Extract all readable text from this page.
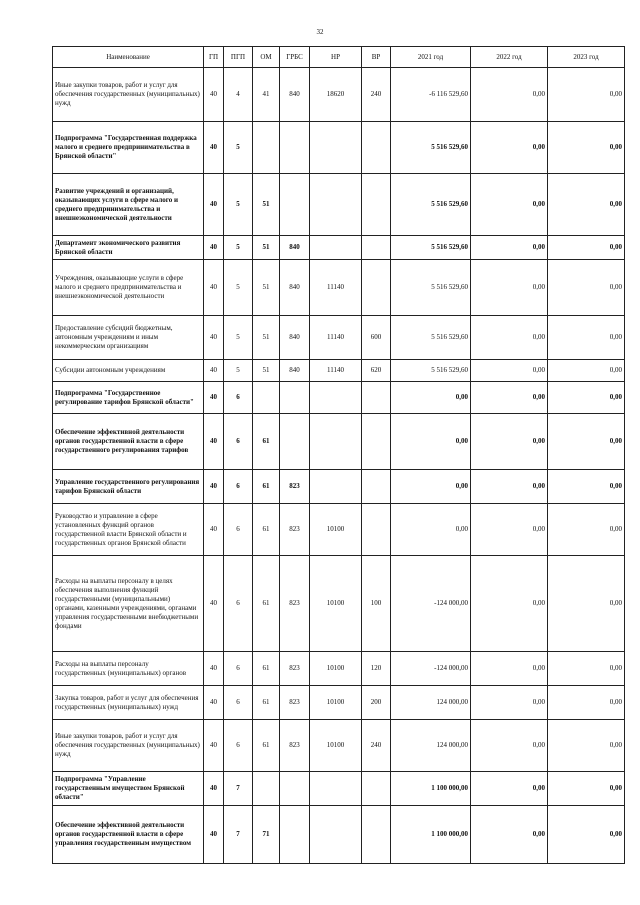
32
Наименование	ГП	ПГП	ОМ	ГРБС	НР	ВР	2021 год	2022 год	2023 год
Иные закупки товаров, работ и услуг для обеспечения государственных (муниципальных) нужд	40	4	41	840	18620	240	-6 116 529,60	0,00	0,00
Подпрограмма "Государственная поддержка малого и среднего предпринимательства в Брянской области"	40	5					5 516 529,60	0,00	0,00
Развитие учреждений и организаций, оказывающих услуги в сфере малого и среднего предпринимательства и внешнеэкономической деятельности	40	5	51				5 516 529,60	0,00	0,00
Департамент экономического развития Брянской области	40	5	51	840			5 516 529,60	0,00	0,00
Учреждения, оказывающие услуги в сфере малого и среднего предпринимательства и внешнеэкономической деятельности	40	5	51	840	11140		5 516 529,60	0,00	0,00
Предоставление субсидий бюджетным, автономным учреждениям и иным некоммерческим организациям	40	5	51	840	11140	600	5 516 529,60	0,00	0,00
Субсидии автономным учреждениям	40	5	51	840	11140	620	5 516 529,60	0,00	0,00
Подпрограмма "Государственное регулирование тарифов Брянской области"	40	6					0,00	0,00	0,00
Обеспечение эффективной деятельности органов государственной власти в сфере государственного регулирования тарифов	40	6	61				0,00	0,00	0,00
Управление государственного регулирования тарифов Брянской области	40	6	61	823			0,00	0,00	0,00
Руководство и управление в сфере установленных функций органов государственной власти Брянской области и государственных органов Брянской области	40	6	61	823	10100		0,00	0,00	0,00
Расходы на выплаты персоналу в целях обеспечения выполнения функций государственными (муниципальными) органами, казенными учреждениями, органами управления государственными внебюджетными фондами	40	6	61	823	10100	100	-124 000,00	0,00	0,00
Расходы на выплаты персоналу государственных (муниципальных) органов	40	6	61	823	10100	120	-124 000,00	0,00	0,00
Закупка товаров, работ и услуг для обеспечения государственных (муниципальных) нужд	40	6	61	823	10100	200	124 000,00	0,00	0,00
Иные закупки товаров, работ и услуг для обеспечения государственных (муниципальных) нужд	40	6	61	823	10100	240	124 000,00	0,00	0,00
Подпрограмма "Управление государственным имуществом Брянской области"	40	7					1 100 000,00	0,00	0,00
Обеспечение эффективной деятельности органов государственной власти в сфере управления государственным имуществом	40	7	71				1 100 000,00	0,00	0,00
